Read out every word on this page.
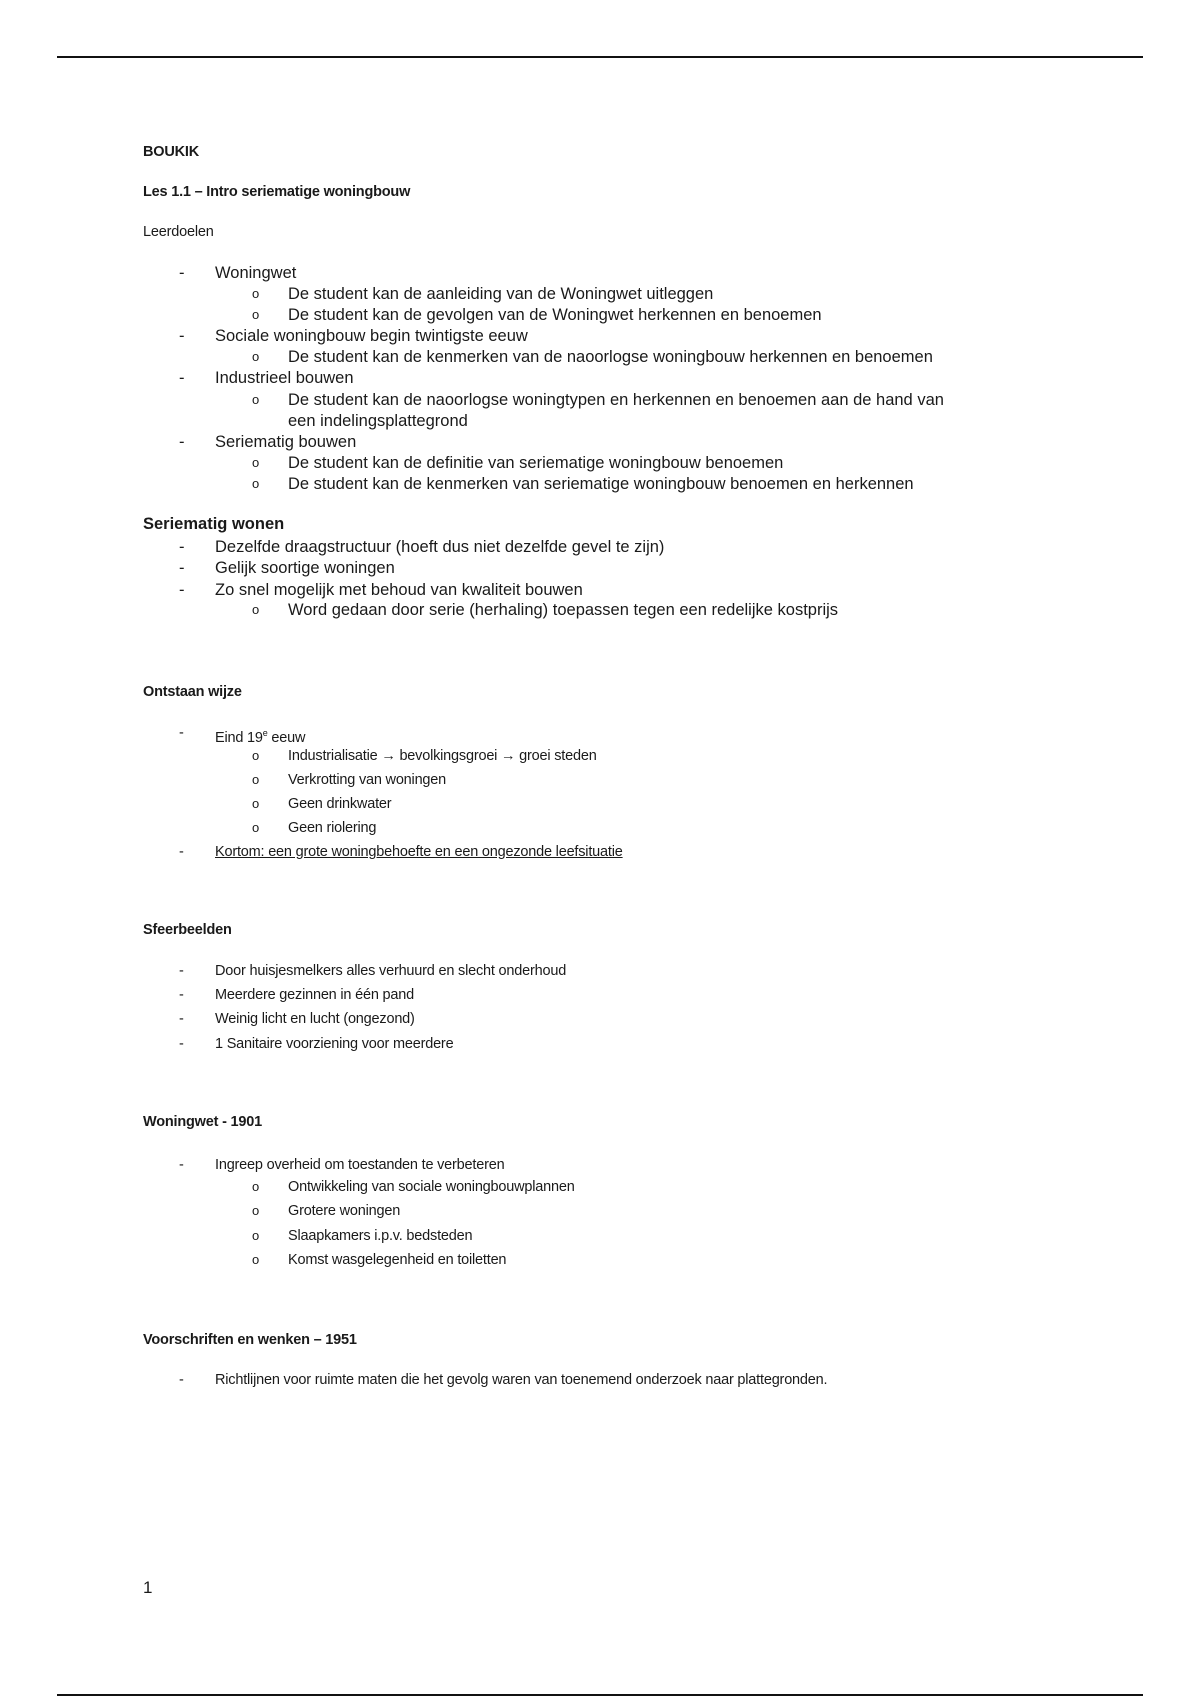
BOUKIK
Les 1.1 – Intro seriematige woningbouw
Leerdoelen
- Woningwet
o De student kan de aanleiding van de Woningwet uitleggen
o De student kan de gevolgen van de Woningwet herkennen en benoemen
- Sociale woningbouw begin twintigste eeuw
o De student kan de kenmerken van de naoorlogse woningbouw herkennen en benoemen
- Industrieel bouwen
o De student kan de naoorlogse woningtypen en herkennen en benoemen aan de hand van
een indelingsplattegrond
- Seriematig bouwen
o De student kan de definitie van seriematige woningbouw benoemen
o De student kan de kenmerken van seriematige woningbouw benoemen en herkennen
Seriematig wonen
- Dezelfde draagstructuur (hoeft dus niet dezelfde gevel te zijn)
- Gelijk soortige woningen
- Zo snel mogelijk met behoud van kwaliteit bouwen
o Word gedaan door serie (herhaling) toepassen tegen een redelijke kostprijs
Ontstaan wijze
- Eind 19e eeuw
o Industrialisatie → bevolkingsgroei → groei steden
o Verkrotting van woningen
o Geen drinkwater
o Geen riolering
- Kortom: een grote woningbehoefte en een ongezonde leefsituatie
Sfeerbeelden
- Door huisjesmelkers alles verhuurd en slecht onderhoud
- Meerdere gezinnen in één pand
- Weinig licht en lucht (ongezond)
- 1 Sanitaire voorziening voor meerdere
Woningwet - 1901
- Ingreep overheid om toestanden te verbeteren
o Ontwikkeling van sociale woningbouwplannen
o Grotere woningen
o Slaapkamers i.p.v. bedsteden
o Komst wasgelegenheid en toiletten
Voorschriften en wenken – 1951
- Richtlijnen voor ruimte maten die het gevolg waren van toenemend onderzoek naar plattegronden.
1
